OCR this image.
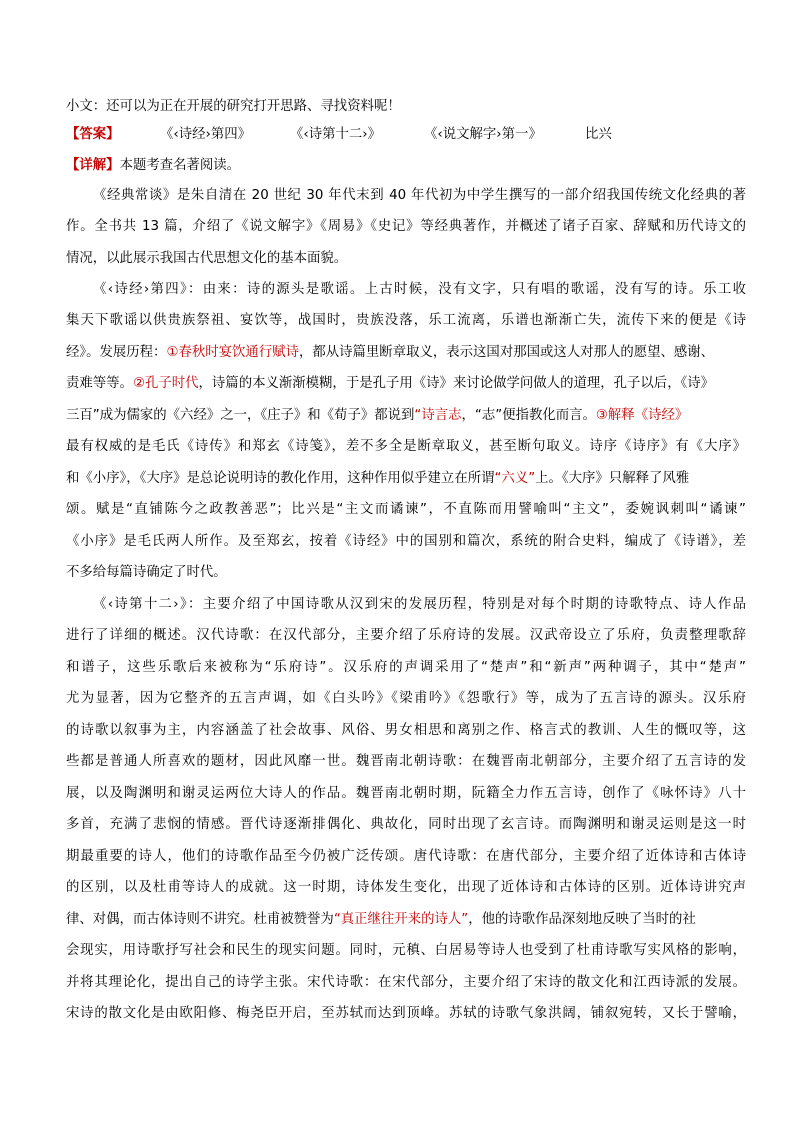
小文：还可以为正在开展的研究打开思路、寻找资料呢！
【答案】	《‹诗经›第四》	《‹诗第十二›》	《‹说文解字›第一》	比兴
【详解】本题考查名著阅读。
《经典常谈》是朱自清在 20 世纪 30 年代末到 40 年代初为中学生撰写的一部介绍我国传统文化经典的著
作。全书共 13 篇，介绍了《说文解字》《周易》《史记》等经典著作，并概述了诸子百家、辞赋和历代诗文的
情况，以此展示我国古代思想文化的基本面貌。
《‹诗经›第四》：由来：诗的源头是歌谣。上古时候，没有文字，只有唱的歌谣，没有写的诗。乐工收
集天下歌谣以供贵族祭祖、宴饮等，战国时，贵族没落，乐工流离，乐谱也渐渐亡失，流传下来的便是《诗
经》。发展历程：①春秋时宴饮通行赋诗，都从诗篇里断章取义，表示这国对那国或这人对那人的愿望、感谢、
责难等等。②孔子时代，诗篇的本义渐渐模糊，于是孔子用《诗》来讨论做学问做人的道理，孔子以后，《诗》
三百”成为儒家的《六经》之一，《庄子》和《荀子》都说到“诗言志，“志”便指教化而言。③解释《诗经》
最有权威的是毛氏《诗传》和郑玄《诗笺》，差不多全是断章取义，甚至断句取义。诗序《诗序》有《大序》
和《小序》，《大序》是总论说明诗的教化作用，这种作用似乎建立在所谓“六义”上。《大序》只解释了风雅
颂。赋是“直铺陈今之政教善恶”；比兴是“主文而谲谏”，不直陈而用譬喻叫“主文”，委婉讽刺叫“谲谏”
《小序》是毛氏两人所作。及至郑玄，按着《诗经》中的国别和篇次，系统的附合史料，编成了《诗谱》，差
不多给每篇诗确定了时代。
《‹诗第十二›》：主要介绍了中国诗歌从汉到宋的发展历程，特别是对每个时期的诗歌特点、诗人作品
进行了详细的概述。汉代诗歌：在汉代部分，主要介绍了乐府诗的发展。汉武帝设立了乐府，负责整理歌辞
和谱子，这些乐歌后来被称为“乐府诗”。汉乐府的声调采用了“楚声”和“新声”两种调子，其中“楚声”
尤为显著，因为它整齐的五言声调，如《白头吟》《梁甫吟》《怨歌行》等，成为了五言诗的源头。汉乐府
的诗歌以叙事为主，内容涵盖了社会故事、风俗、男女相思和离别之作、格言式的教训、人生的慨叹等，这
些都是普通人所喜欢的题材，因此风靡一世。魏晋南北朝诗歌：在魏晋南北朝部分，主要介绍了五言诗的发
展，以及陶渊明和谢灵运两位大诗人的作品。魏晋南北朝时期，阮籍全力作五言诗，创作了《咏怀诗》八十
多首，充满了悲悯的情感。晋代诗逐渐排偶化、典故化，同时出现了玄言诗。而陶渊明和谢灵运则是这一时
期最重要的诗人，他们的诗歌作品至今仍被广泛传颂。唐代诗歌：在唐代部分，主要介绍了近体诗和古体诗
的区别，以及杜甫等诗人的成就。这一时期，诗体发生变化，出现了近体诗和古体诗的区别。近体诗讲究声
律、对偶，而古体诗则不讲究。杜甫被赞誉为“真正继往开来的诗人”，他的诗歌作品深刻地反映了当时的社
会现实，用诗歌抒写社会和民生的现实问题。同时，元稹、白居易等诗人也受到了杜甫诗歌写实风格的影响，
并将其理论化，提出自己的诗学主张。宋代诗歌：在宋代部分，主要介绍了宋诗的散文化和江西诗派的发展。
宋诗的散文化是由欧阳修、梅尧臣开启，至苏轼而达到顶峰。苏轼的诗歌气象洪阔，铺叙宛转，又长于譬喻，
